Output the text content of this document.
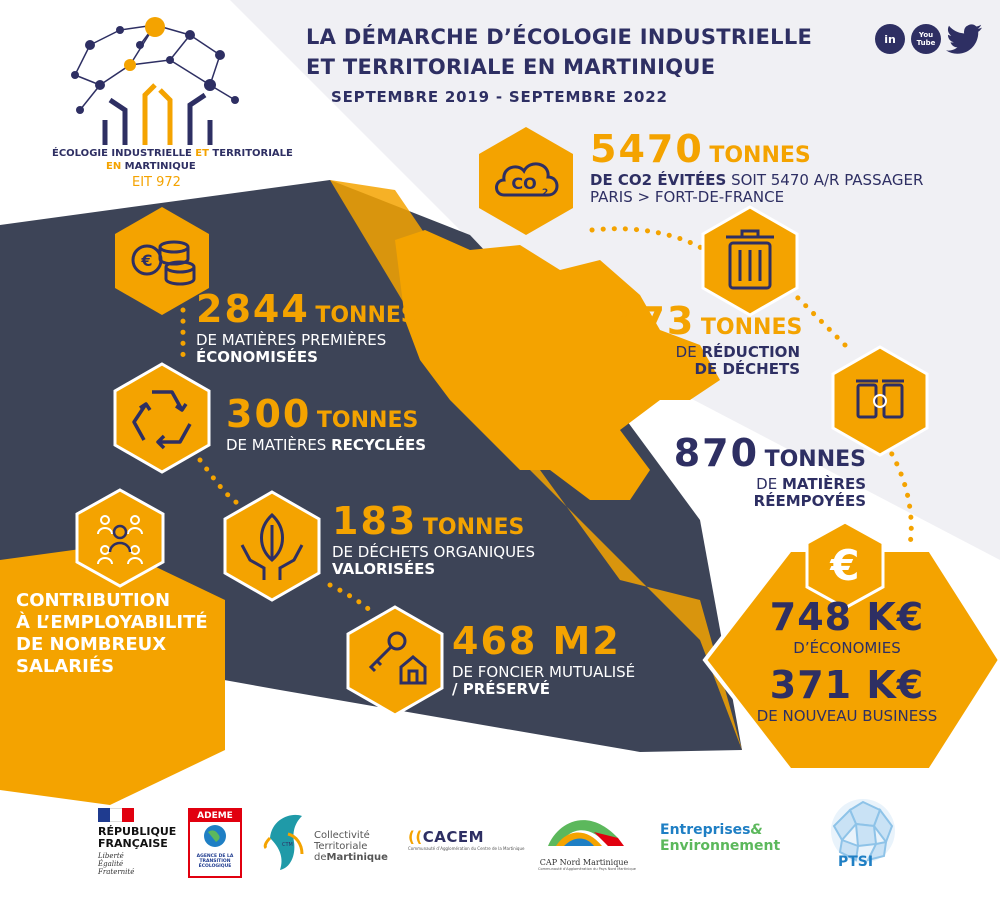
ÉCOLOGIE INDUSTRIELLE ET TERRITORIALE
EN MARTINIQUE
EIT 972
LA DÉMARCHE D’ÉCOLOGIE INDUSTRIELLE
ET TERRITORIALE EN MARTINIQUE
SEPTEMBRE 2019 - SEPTEMBRE 2022
in	You
Tube
CO 2
€
€
5470 TONNES
DE CO2 ÉVITÉES SOIT 5470 A/R PASSAGER
PARIS > FORT-DE-FRANCE
873 TONNES
DE RÉDUCTION
DE DÉCHETS
870 TONNES
DE MATIÈRES
RÉEMPOYÉES
2844 TONNES
DE MATIÈRES PREMIÈRES
ÉCONOMISÉES
300 TONNES
DE MATIÈRES RECYCLÉES
183 TONNES
DE DÉCHETS ORGANIQUES
VALORISÉES
468 M2
DE FONCIER MUTUALISÉ
/ PRÉSERVÉ
748 K€
D’ÉCONOMIES
371 K€
DE NOUVEAU BUSINESS
CONTRIBUTION
À L’EMPLOYABILITÉ
DE NOMBREUX
SALARIÉS
RÉPUBLIQUE
FRANÇAISE
Liberté
Égalité
Fraternité
ADEME
AGENCE DE LA
TRANSITION
ÉCOLOGIQUE
CTM
Collectivité
Territoriale
deMartinique
((CACEM
Communauté d’Agglomération du Centre de la Martinique
CAP Nord Martinique
Communauté d’Agglomération du Pays Nord Martinique
Entreprises&
Environnement
PTSI
